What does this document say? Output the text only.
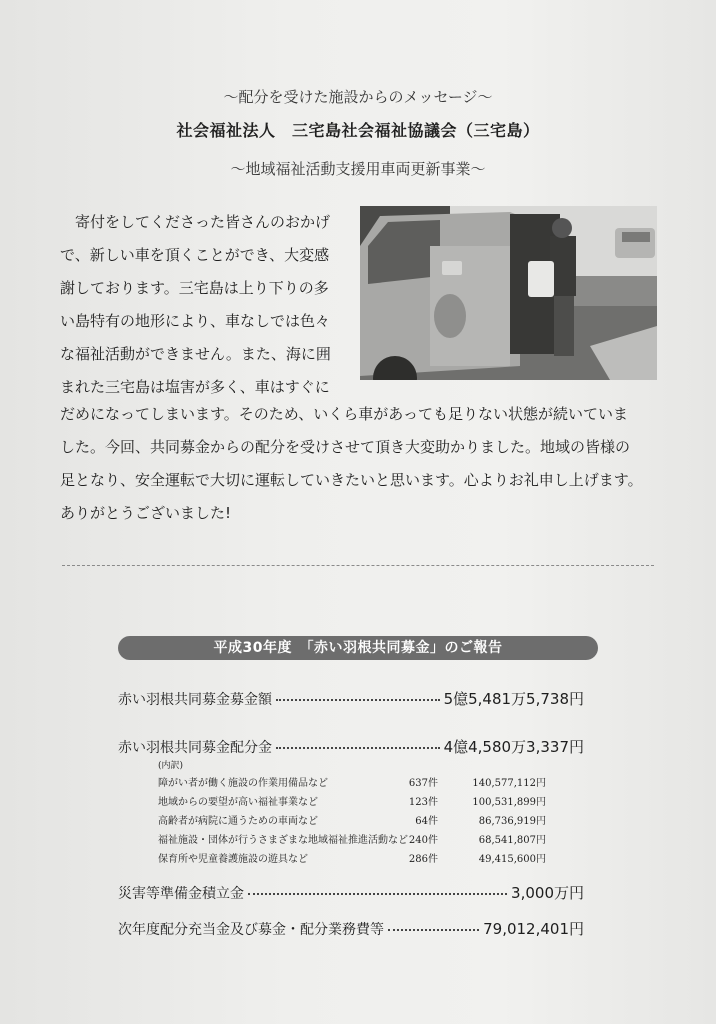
～配分を受けた施設からのメッセージ～
社会福祉法人　三宅島社会福祉協議会（三宅島）
～地域福祉活動支援用車両更新事業～
　寄付をしてくださった皆さんのおかげ
で、新しい車を頂くことができ、大変感
謝しております。三宅島は上り下りの多
い島特有の地形により、車なしでは色々
な福祉活動ができません。また、海に囲
まれた三宅島は塩害が多く、車はすぐに
だめになってしまいます。そのため、いくら車があっても足りない状態が続いていま
した。今回、共同募金からの配分を受けさせて頂き大変助かりました。地域の皆様の
足となり、安全運転で大切に運転していきたいと思います。心よりお礼申し上げます。
ありがとうございました!
平成30年度　「赤い羽根共同募金」のご報告
赤い羽根共同募金募金額	5億5,481万5,738円
赤い羽根共同募金配分金	4億4,580万3,337円
(内訳)
障がい者が働く施設の作業用備品など	637件	140,577,112円
地域からの要望が高い福祉事業など	123件	100,531,899円
高齢者が病院に通うための車両など	64件	86,736,919円
福祉施設・団体が行うさまざまな地域福祉推進活動など 240件	68,541,807円
保育所や児童養護施設の遊具など	286件	49,415,600円
災害等準備金積立金	3,000万円
次年度配分充当金及び募金・配分業務費等	79,012,401円
